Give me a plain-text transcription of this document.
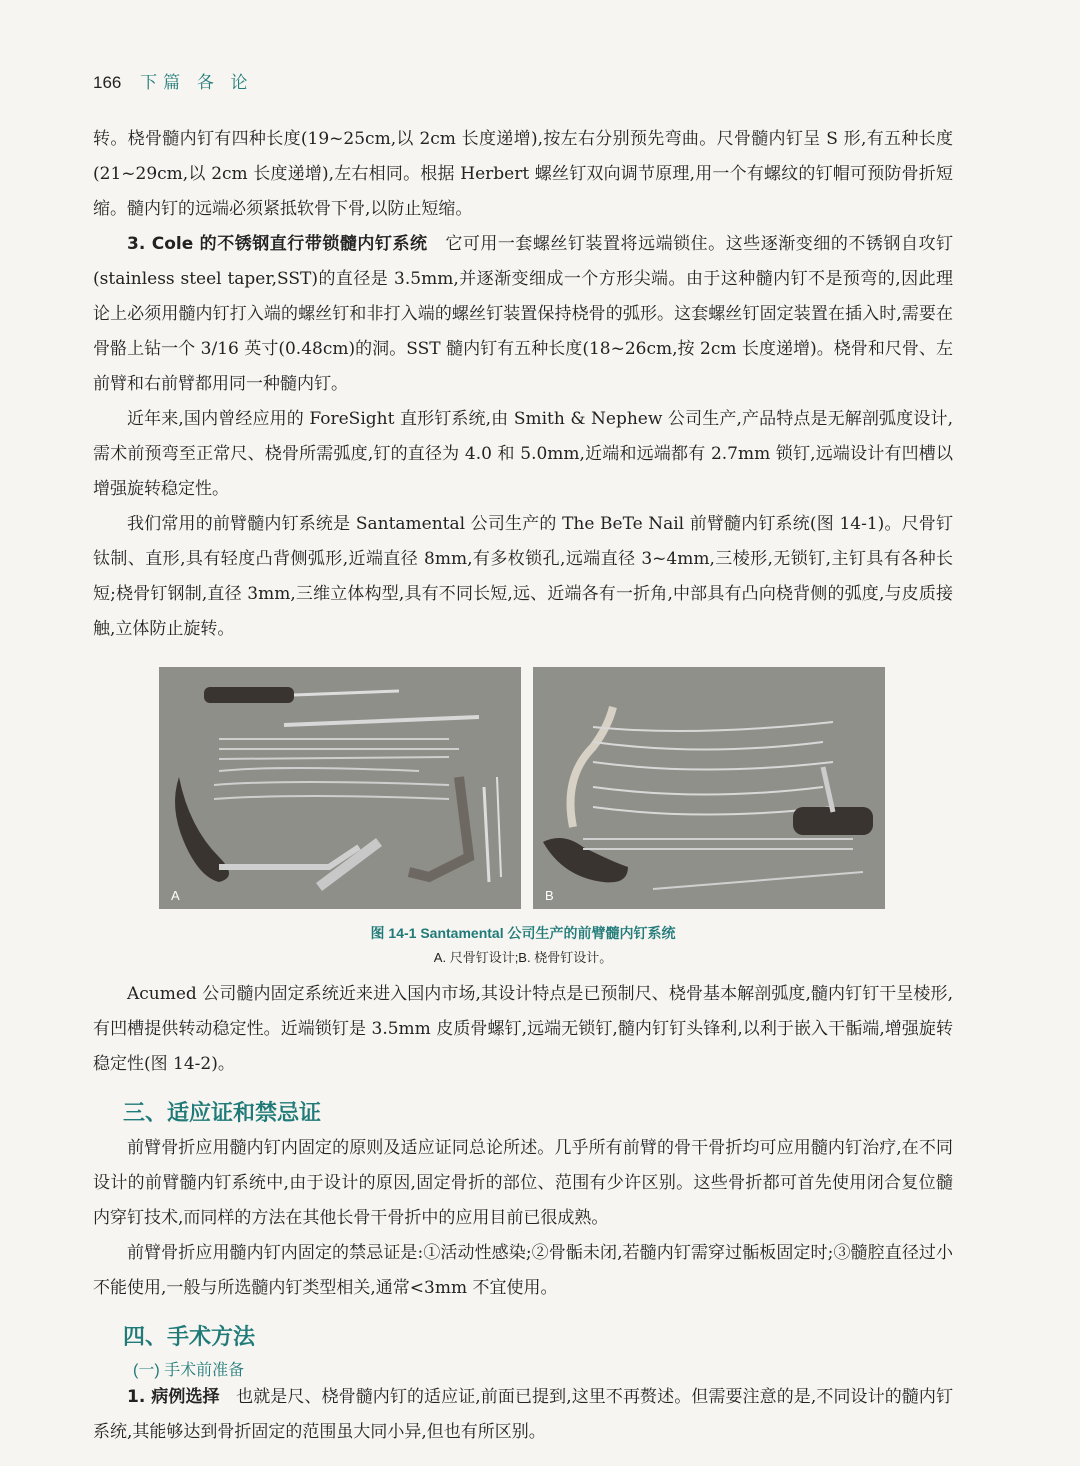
166 下篇 各 论

转。桡骨髓内钉有四种长度(19~25cm,以 2cm 长度递增),按左右分别预先弯曲。尺骨髓内钉呈 S 形,有五种长度(21~29cm,以 2cm 长度递增),左右相同。根据 Herbert 螺丝钉双向调节原理,用一个有螺纹的钉帽可预防骨折短缩。髓内钉的远端必须紧抵软骨下骨,以防止短缩。

3. Cole 的不锈钢直行带锁髓内钉系统 它可用一套螺丝钉装置将远端锁住。这些逐渐变细的不锈钢自攻钉(stainless steel taper,SST)的直径是 3.5mm,并逐渐变细成一个方形尖端。由于这种髓内钉不是预弯的,因此理论上必须用髓内钉打入端的螺丝钉和非打入端的螺丝钉装置保持桡骨的弧形。这套螺丝钉固定装置在插入时,需要在骨骼上钻一个 3/16 英寸(0.48cm)的洞。SST 髓内钉有五种长度(18~26cm,按 2cm 长度递增)。桡骨和尺骨、左前臂和右前臂都用同一种髓内钉。

近年来,国内曾经应用的 ForeSight 直形钉系统,由 Smith & Nephew 公司生产,产品特点是无解剖弧度设计,需术前预弯至正常尺、桡骨所需弧度,钉的直径为 4.0 和 5.0mm,近端和远端都有 2.7mm 锁钉,远端设计有凹槽以增强旋转稳定性。

我们常用的前臂髓内钉系统是 Santamental 公司生产的 The BeTe Nail 前臂髓内钉系统(图 14-1)。尺骨钉钛制、直形,具有轻度凸背侧弧形,近端直径 8mm,有多枚锁孔,远端直径 3~4mm,三棱形,无锁钉,主钉具有各种长短;桡骨钉钢制,直径 3mm,三维立体构型,具有不同长短,远、近端各有一折角,中部具有凸向桡背侧的弧度,与皮质接触,立体防止旋转。

A	B
图 14-1 Santamental 公司生产的前臂髓内钉系统
A. 尺骨钉设计;B. 桡骨钉设计。

Acumed 公司髓内固定系统近来进入国内市场,其设计特点是已预制尺、桡骨基本解剖弧度,髓内钉钉干呈棱形,有凹槽提供转动稳定性。近端锁钉是 3.5mm 皮质骨螺钉,远端无锁钉,髓内钉钉头锋利,以利于嵌入干骺端,增强旋转稳定性(图 14-2)。

三、适应证和禁忌证

前臂骨折应用髓内钉内固定的原则及适应证同总论所述。几乎所有前臂的骨干骨折均可应用髓内钉治疗,在不同设计的前臂髓内钉系统中,由于设计的原因,固定骨折的部位、范围有少许区别。这些骨折都可首先使用闭合复位髓内穿钉技术,而同样的方法在其他长骨干骨折中的应用目前已很成熟。

前臂骨折应用髓内钉内固定的禁忌证是:①活动性感染;②骨骺未闭,若髓内钉需穿过骺板固定时;③髓腔直径过小不能使用,一般与所选髓内钉类型相关,通常<3mm 不宜使用。

四、手术方法
(一) 手术前准备

1. 病例选择 也就是尺、桡骨髓内钉的适应证,前面已提到,这里不再赘述。但需要注意的是,不同设计的髓内钉系统,其能够达到骨折固定的范围虽大同小异,但也有所区别。
